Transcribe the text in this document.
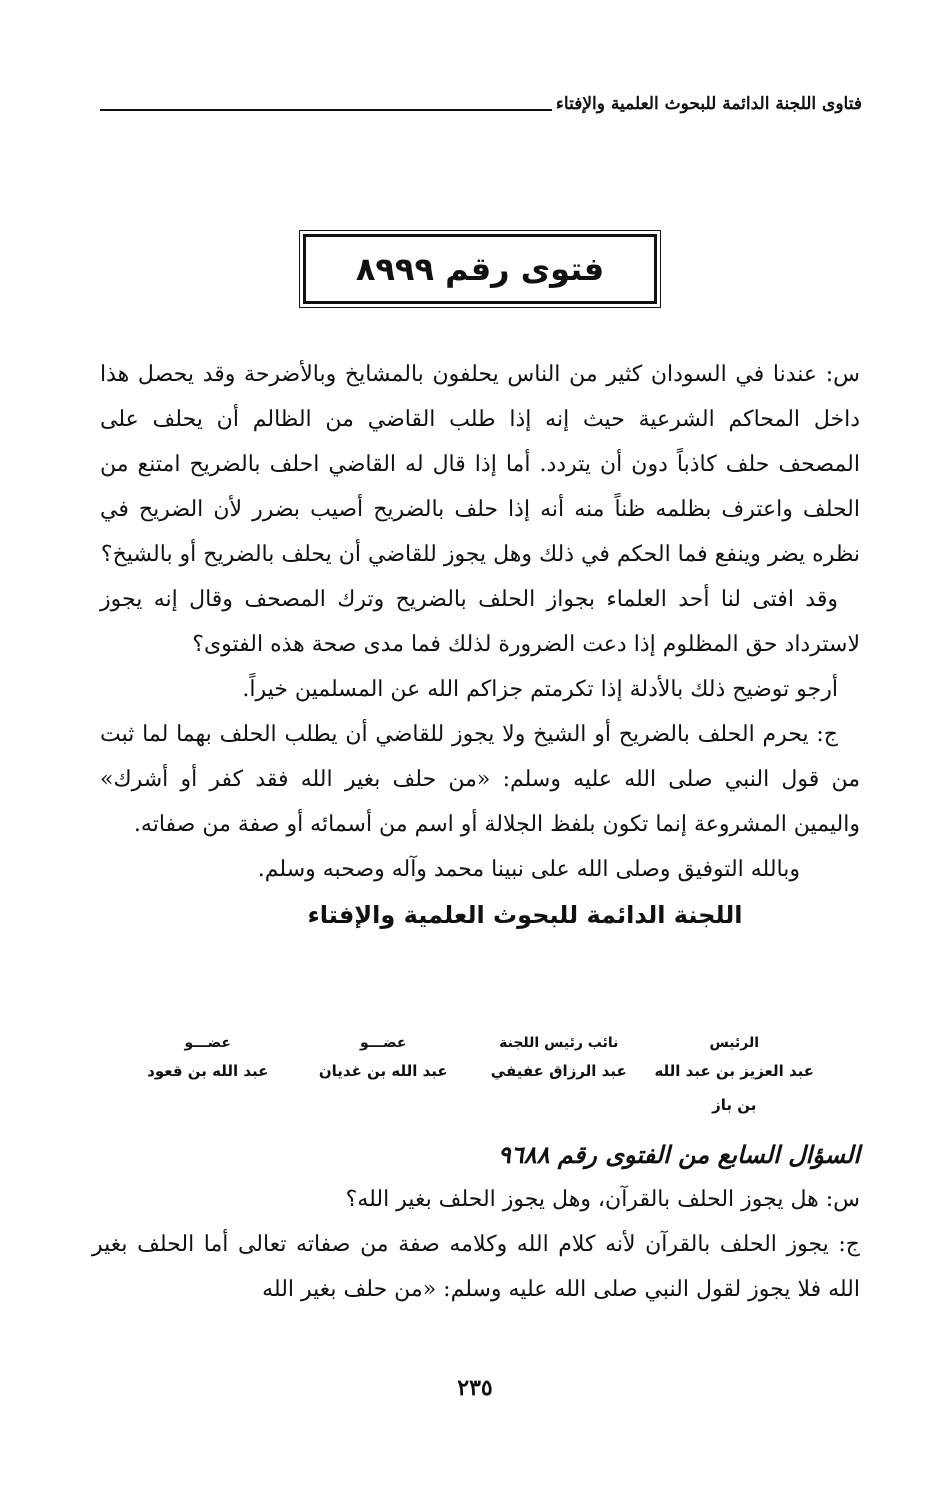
فتاوى اللجنة الدائمة للبحوث العلمية والإفتاء
فتوى رقم ٨٩٩٩

س: عندنا في السودان كثير من الناس يحلفون بالمشايخ وبالأضرحة وقد يحصل هذا داخل المحاكم الشرعية حيث إنه إذا طلب القاضي من الظالم أن يحلف على المصحف حلف كاذباً دون أن يتردد. أما إذا قال له القاضي احلف بالضريح امتنع من الحلف واعترف بظلمه ظناً منه أنه إذا حلف بالضريح أصيب بضرر لأن الضريح في نظره يضر وينفع فما الحكم في ذلك وهل يجوز للقاضي أن يحلف بالضريح أو بالشيخ؟

وقد افتى لنا أحد العلماء بجواز الحلف بالضريح وترك المصحف وقال إنه يجوز لاسترداد حق المظلوم إذا دعت الضرورة لذلك فما مدى صحة هذه الفتوى؟

أرجو توضيح ذلك بالأدلة إذا تكرمتم جزاكم الله عن المسلمين خيراً.

ج: يحرم الحلف بالضريح أو الشيخ ولا يجوز للقاضي أن يطلب الحلف بهما لما ثبت من قول النبي صلى الله عليه وسلم: «من حلف بغير الله فقد كفر أو أشرك» واليمين المشروعة إنما تكون بلفظ الجلالة أو اسم من أسمائه أو صفة من صفاته.

وبالله التوفيق وصلى الله على نبينا محمد وآله وصحبه وسلم.

اللجنة الدائمة للبحوث العلمية والإفتاء

الرئيس
نائب رئيس اللجنة
عضـــو
عضـــو
عبد العزيز بن عبد الله بن باز
عبد الرزاق عفيفي
عبد الله بن غديان
عبد الله بن قعود

السؤال السابع من الفتوى رقم ٩٦٨٨

س: هل يجوز الحلف بالقرآن، وهل يجوز الحلف بغير الله؟

ج: يجوز الحلف بالقرآن لأنه كلام الله وكلامه صفة من صفاته تعالى أما الحلف بغير الله فلا يجوز لقول النبي صلى الله عليه وسلم: «من حلف بغير الله

٢٣٥
